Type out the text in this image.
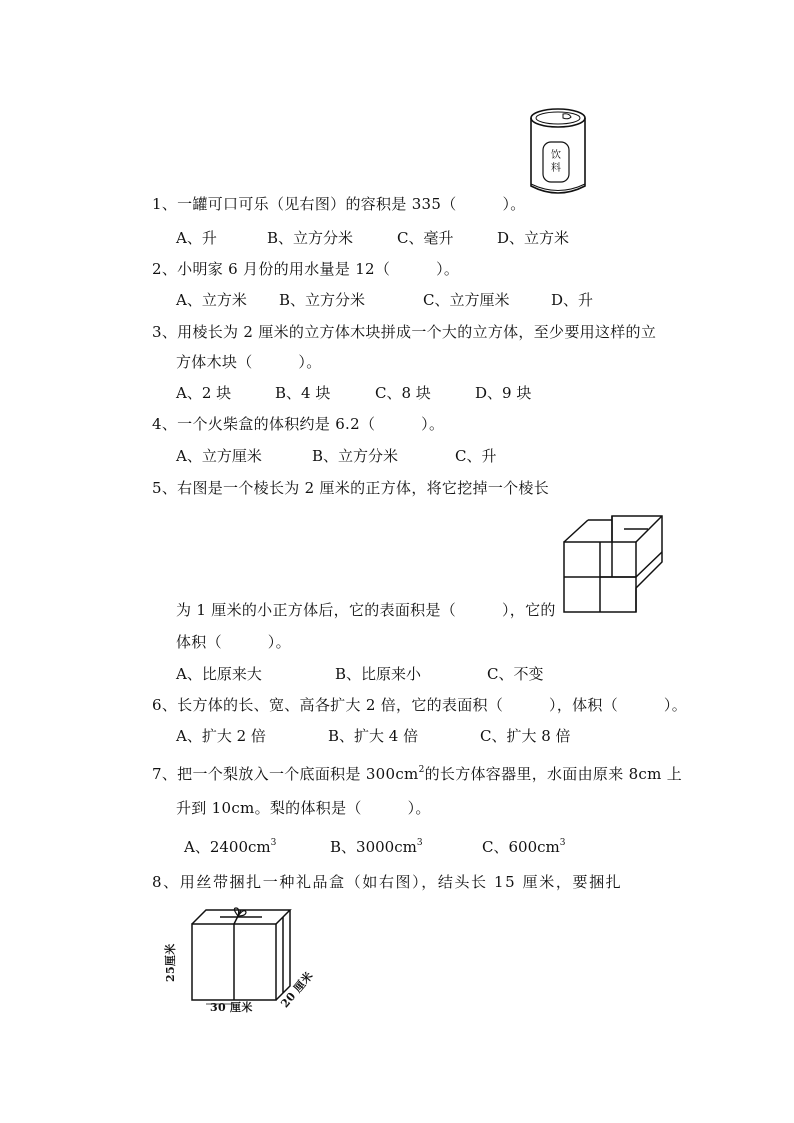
饮
料
1、一罐可口可乐（见右图）的容积是 335（　　　）。
A、升	B、立方分米	C、毫升	D、立方米
2、小明家 6 月份的用水量是 12（　　　）。
A、立方米 B、立方分米	C、立方厘米	D、升
3、用棱长为 2 厘米的立方体木块拼成一个大的立方体，至少要用这样的立
方体木块（　　　）。
A、2 块	B、4 块	C、8 块	D、9 块
4、一个火柴盒的体积约是 6.2（　　　）。
A、立方厘米	B、立方分米	C、升
5、右图是一个棱长为 2 厘米的正方体，将它挖掉一个棱长
为 1 厘米的小正方体后，它的表面积是（　　　），它的
体积（　　　）。
A、比原来大	B、比原来小	C、不变
6、长方体的长、宽、高各扩大 2 倍，它的表面积（　　　），体积（　　　）。
A、扩大 2 倍	B、扩大 4 倍	C、扩大 8 倍
7、把一个梨放入一个底面积是 $300cm^2$的长方体容器里，水面由原来 8cm 上
升到 10cm。梨的体积是（　　　）。
A、$2400cm^3$	B、$3000cm^3$	C、$600cm^3$
8、用丝带捆扎一种礼品盒（如右图），结头长 15 厘米，要捆扎
25厘米
30 厘米 20 厘米
